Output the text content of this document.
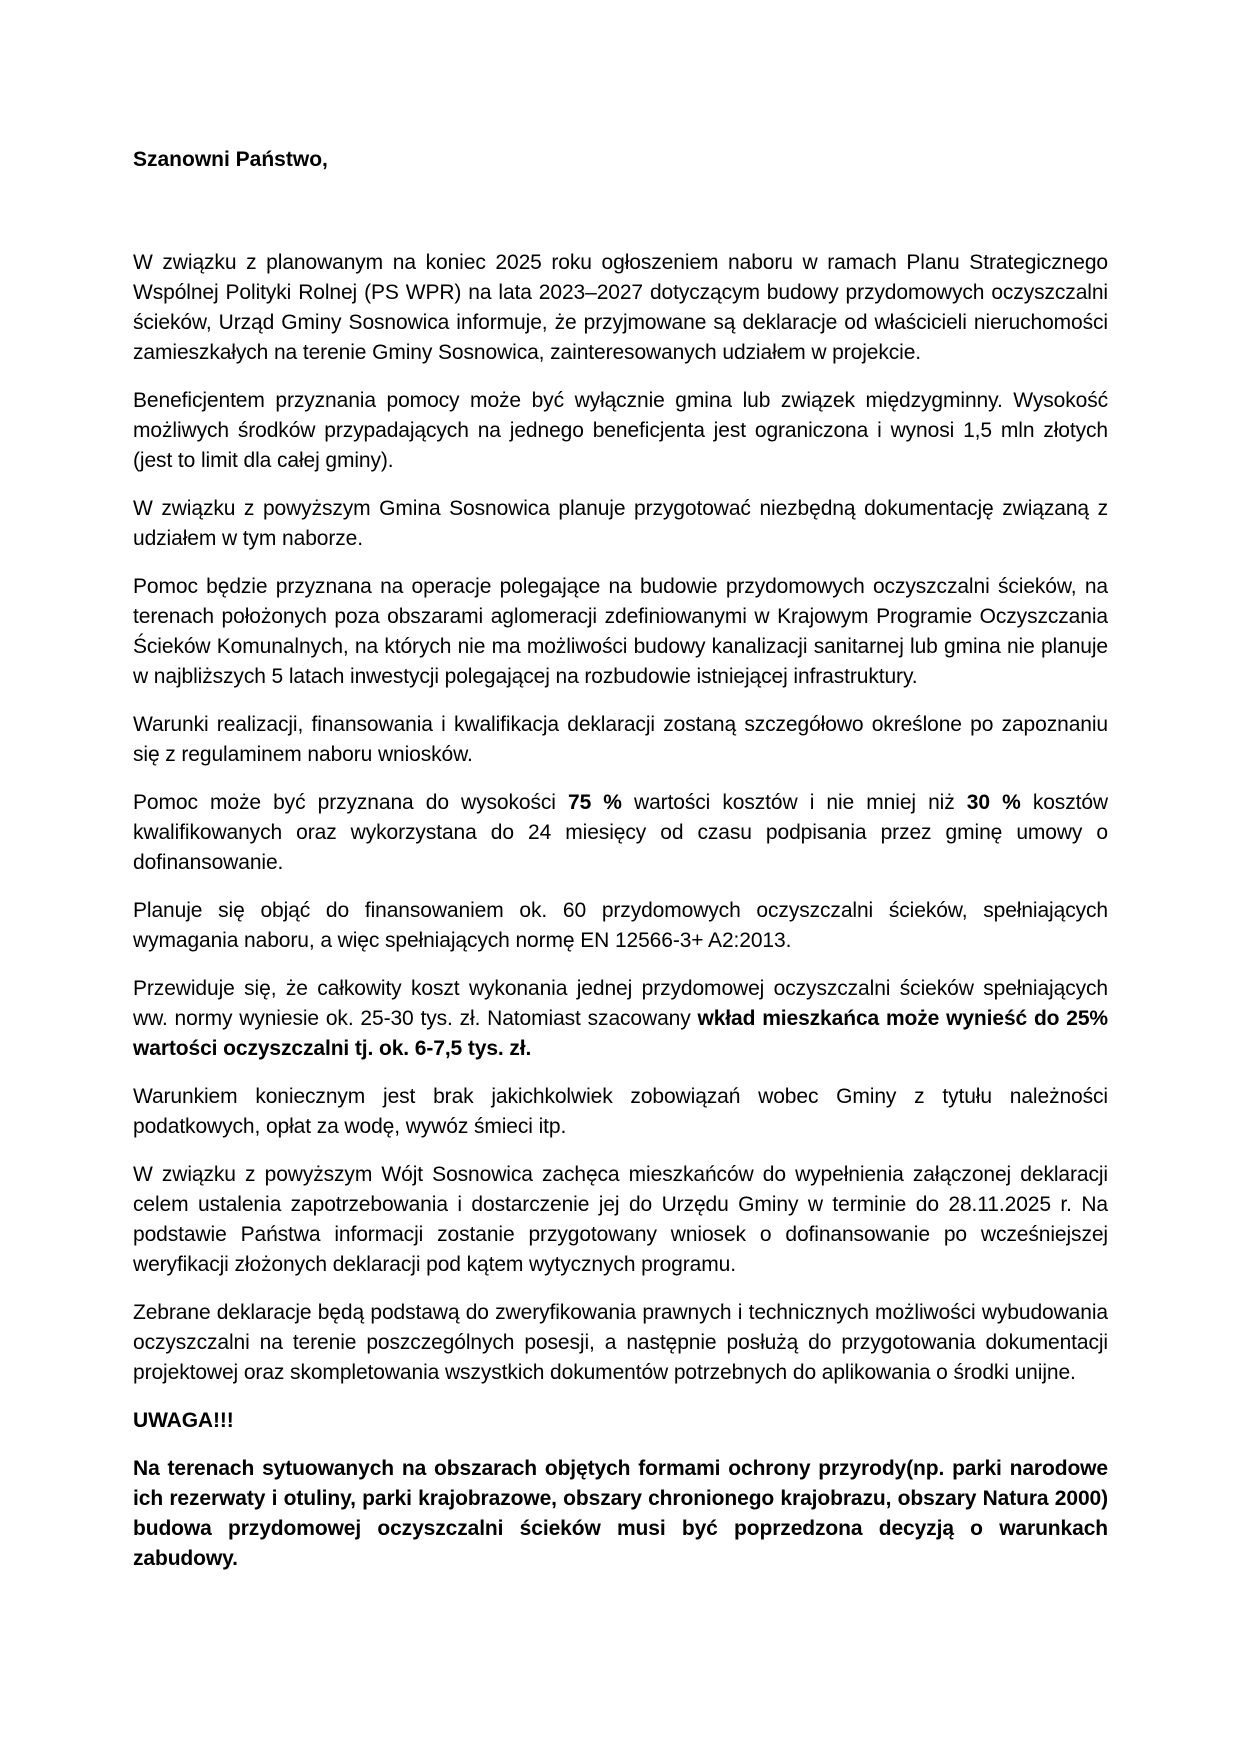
Szanowni Państwo,

W związku z planowanym na koniec 2025 roku ogłoszeniem naboru w ramach Planu Strategicznego Wspólnej Polityki Rolnej (PS WPR) na lata 2023–2027 dotyczącym budowy przydomowych oczyszczalni ścieków, Urząd Gminy Sosnowica informuje, że przyjmowane są deklaracje od właścicieli nieruchomości zamieszkałych na terenie Gminy Sosnowica, zainteresowanych udziałem w projekcie.

Beneficjentem przyznania pomocy może być wyłącznie gmina lub związek międzygminny. Wysokość możliwych środków przypadających na jednego beneficjenta jest ograniczona i wynosi 1,5 mln złotych (jest to limit dla całej gminy).

W związku z powyższym Gmina Sosnowica planuje przygotować niezbędną dokumentację związaną z udziałem w tym naborze.

Pomoc będzie przyznana na operacje polegające na budowie przydomowych oczyszczalni ścieków, na terenach położonych poza obszarami aglomeracji zdefiniowanymi w Krajowym Programie Oczyszczania Ścieków Komunalnych, na których nie ma możliwości budowy kanalizacji sanitarnej lub gmina nie planuje w najbliższych 5 latach inwestycji polegającej na rozbudowie istniejącej infrastruktury.

Warunki realizacji, finansowania i kwalifikacja deklaracji zostaną szczegółowo określone po zapoznaniu się z regulaminem naboru wniosków.

Pomoc może być przyznana do wysokości 75 % wartości kosztów i nie mniej niż 30 % kosztów kwalifikowanych oraz wykorzystana do 24 miesięcy od czasu podpisania przez gminę umowy o dofinansowanie.

Planuje się objąć do finansowaniem ok. 60 przydomowych oczyszczalni ścieków, spełniających wymagania naboru, a więc spełniających normę EN 12566-3+ A2:2013.

Przewiduje się, że całkowity koszt wykonania jednej przydomowej oczyszczalni ścieków spełniających ww. normy wyniesie ok. 25-30 tys. zł. Natomiast szacowany wkład mieszkańca może wynieść do 25% wartości oczyszczalni tj. ok. 6-7,5 tys. zł.

Warunkiem koniecznym jest brak jakichkolwiek zobowiązań wobec Gminy z tytułu należności podatkowych, opłat za wodę, wywóz śmieci itp.

W związku z powyższym Wójt Sosnowica zachęca mieszkańców do wypełnienia załączonej deklaracji celem ustalenia zapotrzebowania i dostarczenie jej do Urzędu Gminy w terminie do 28.11.2025 r. Na podstawie Państwa informacji zostanie przygotowany wniosek o dofinansowanie po wcześniejszej weryfikacji złożonych deklaracji pod kątem wytycznych programu.

Zebrane deklaracje będą podstawą do zweryfikowania prawnych i technicznych możliwości wybudowania oczyszczalni na terenie poszczególnych posesji, a następnie posłużą do przygotowania dokumentacji projektowej oraz skompletowania wszystkich dokumentów potrzebnych do aplikowania o środki unijne.

UWAGA!!!

Na terenach sytuowanych na obszarach objętych formami ochrony przyrody(np. parki narodowe ich rezerwaty i otuliny, parki krajobrazowe, obszary chronionego krajobrazu, obszary Natura 2000) budowa przydomowej oczyszczalni ścieków musi być poprzedzona decyzją o warunkach zabudowy.
